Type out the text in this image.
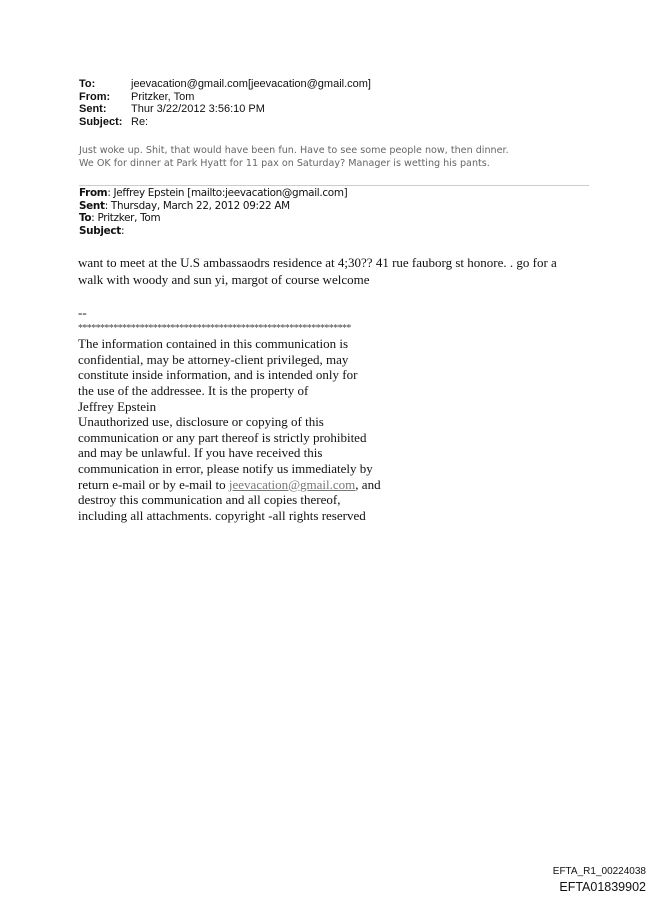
To:	jeevacation@gmail.com[jeevacation@gmail.com]
From:	Pritzker, Tom
Sent:	Thur 3/22/2012 3:56:10 PM
Subject: Re:
Just woke up. Shit, that would have been fun. Have to see some people now, then dinner.
We OK for dinner at Park Hyatt for 11 pax on Saturday? Manager is wetting his pants.
From: Jeffrey Epstein [mailto:jeevacation@gmail.com]
Sent: Thursday, March 22, 2012 09:22 AM
To: Pritzker, Tom
Subject:
want to meet at the U.S ambassaodrs residence at 4;30?? 41 rue fauborg st honore. . go for a
walk with woody and sun yi, margot of course welcome
--
**************************************************************
The information contained in this communication is
confidential, may be attorney-client privileged, may
constitute inside information, and is intended only for
the use of the addressee. It is the property of
Jeffrey Epstein
Unauthorized use, disclosure or copying of this
communication or any part thereof is strictly prohibited
and may be unlawful. If you have received this
communication in error, please notify us immediately by
return e-mail or by e-mail to jeevacation@gmail.com, and
destroy this communication and all copies thereof,
including all attachments. copyright -all rights reserved
EFTA_R1_00224038
EFTA01839902
